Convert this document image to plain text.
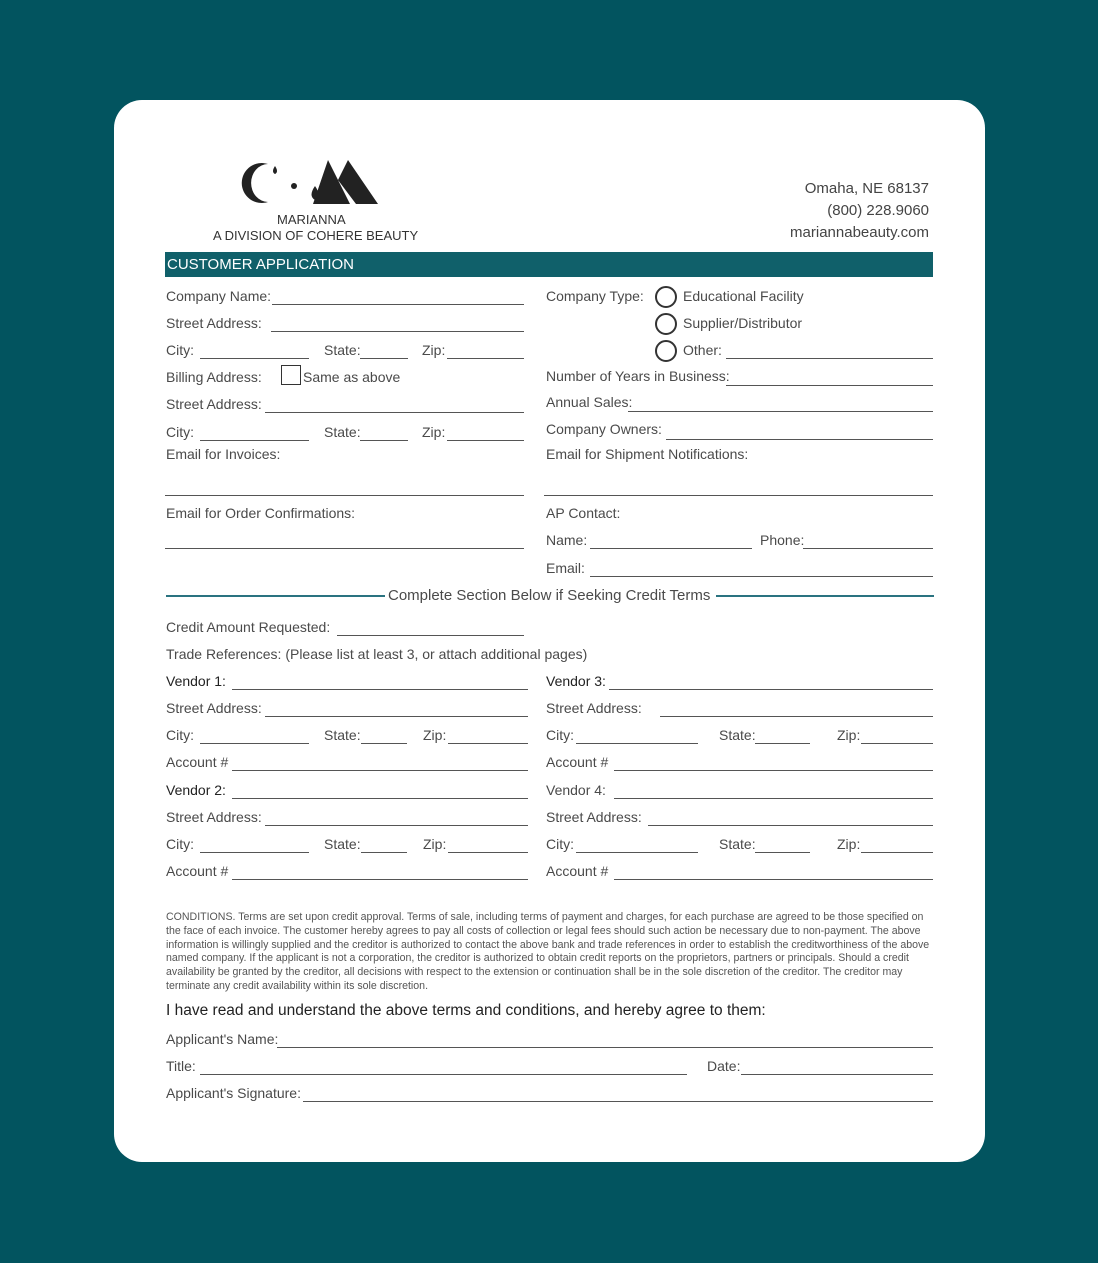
MARIANNA
A DIVISION OF COHERE BEAUTY
Omaha, NE 68137
(800) 228.9060
mariannabeauty.com
CUSTOMER APPLICATION
Company Name:
Street Address:
City:	State:	Zip:
Billing Address:	Same as above
Street Address:
City:	State:	Zip:
Email for Invoices:
Email for Order Confirmations:
Company Type:	Educational Facility
Supplier/Distributor
Other:
Number of Years in Business:
Annual Sales:
Company Owners:
Email for Shipment Notifications:
AP Contact:
Name:	Phone:
Email:
Complete Section Below if Seeking Credit Terms
Credit Amount Requested:
Trade References: (Please list at least 3, or attach additional pages)
Vendor 1:
Street Address:
City:	State:	Zip:
Account #
Vendor 2:
Street Address:
City:	State:	Zip:
Account #
Vendor 3:
Street Address:
City:	State:	Zip:
Account #
Vendor 4:
Street Address:
City:	State:	Zip:
Account #
CONDITIONS. Terms are set upon credit approval. Terms of sale, including terms of payment and charges, for each purchase are agreed to be those specified on the face of each invoice. The customer hereby agrees to pay all costs of collection or legal fees should such action be necessary due to non-payment. The above information is willingly supplied and the creditor is authorized to contact the above bank and trade references in order to establish the creditworthiness of the above named company. If the applicant is not a corporation, the creditor is authorized to obtain credit reports on the proprietors, partners or principals. Should a credit availability be granted by the creditor, all decisions with respect to the extension or continuation shall be in the sole discretion of the creditor. The creditor may terminate any credit availability within its sole discretion.
I have read and understand the above terms and conditions, and hereby agree to them:
Applicant's Name:
Title:	Date:
Applicant's Signature:
